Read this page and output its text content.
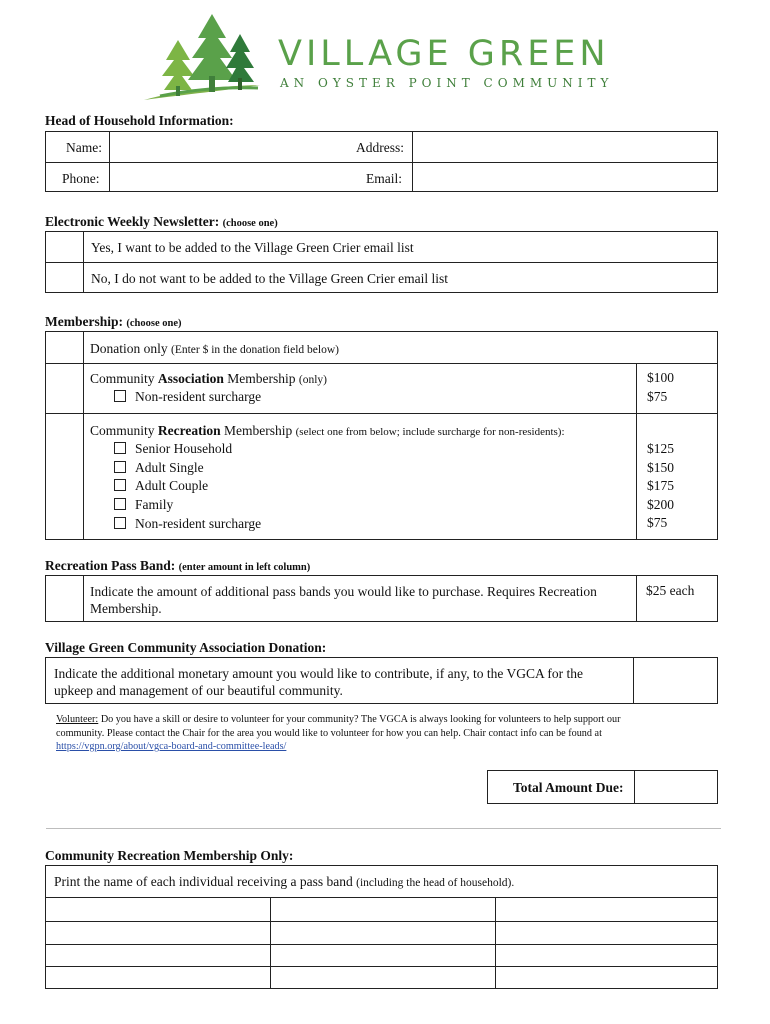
VILLAGE GREEN
AN OYSTER POINT COMMUNITY
Head of Household Information:
Name:
Phone:
Address:
Email:
Electronic Weekly Newsletter: (choose one)
Yes, I want to be added to the Village Green Crier email list
No, I do not want to be added to the Village Green Crier email list
Membership: (choose one)
Donation only (Enter $ in the donation field below)
Community Association Membership (only)
Non-resident surcharge
$100
$75
Community Recreation Membership (select one from below; include surcharge for non-residents):
Senior Household
Adult Single
Adult Couple
Family
Non-resident surcharge
$125
$150
$175
$200
$75
Recreation Pass Band: (enter amount in left column)
Indicate the amount of additional pass bands you would like to purchase. Requires Recreation
Membership.
$25 each
Village Green Community Association Donation:
Indicate the additional monetary amount you would like to contribute, if any, to the VGCA for the
upkeep and management of our beautiful community.
Volunteer: Do you have a skill or desire to volunteer for your community? The VGCA is always looking for volunteers to help support our
community. Please contact the Chair for the area you would like to volunteer for how you can help. Chair contact info can be found at
https://vgpn.org/about/vgca-board-and-committee-leads/
Total Amount Due:
Community Recreation Membership Only:
Print the name of each individual receiving a pass band (including the head of household).
